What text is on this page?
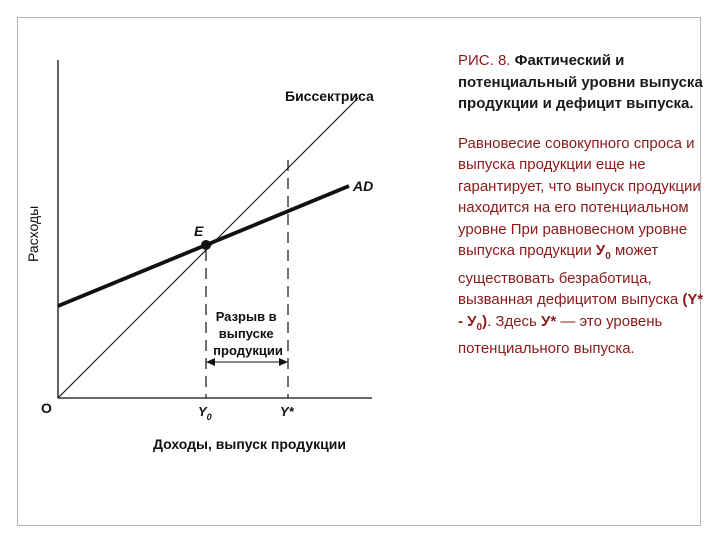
Расходы
Доходы, выпуск продукции
O
Биссектриса
AD
E
$Y_0$	Y*
Разрыв в выпуске продукции
РИС. 8. Фактический и потенциальный уровни выпуска продукции и дефицит выпуска.
Равновесие совокупного спроса и выпуска продукции еще не гарантирует, что выпуск продукции находится на его потенциальном уровне При равновесном уровне выпуска продукции $У_0$ может существовать безработица, вызванная дефицитом выпуска $(Y* - У_0)$. Здесь У* — это уровень потенциального выпуска.
